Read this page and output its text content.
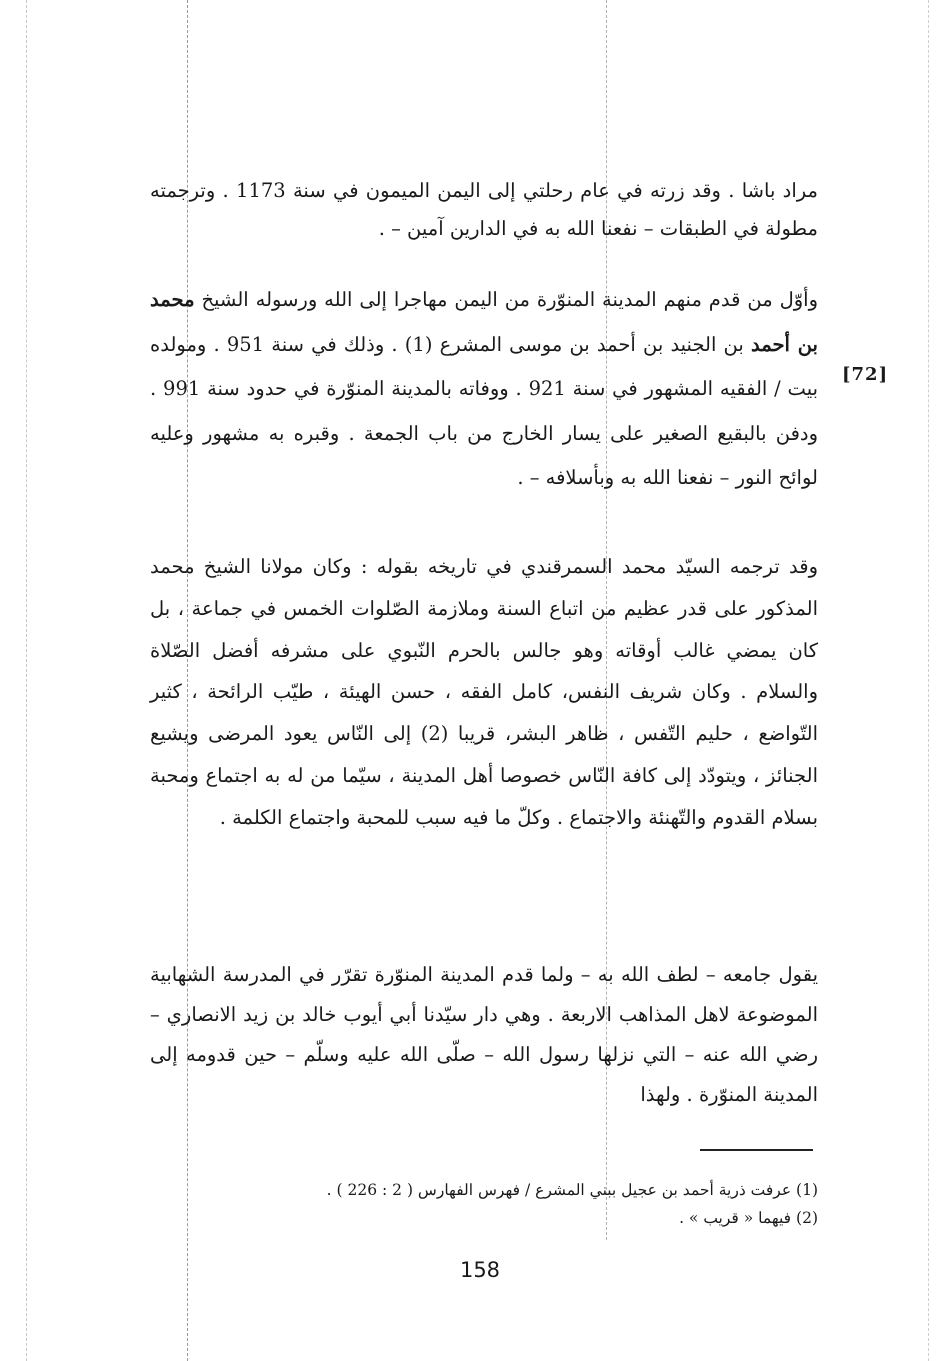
مراد باشا . وقد زرته في عام رحلتي إلى اليمن الميمون في سنة 1173 . وترجمته مطولة في الطبقات – نفعنا الله به في الدارين آمين – .

وأوّل من قدم منهم المدينة المنوّرة من اليمن مهاجرا إلى الله ورسوله الشيخ محمد بن أحمد بن الجنيد بن أحمد بن موسى المشرع (1) . وذلك في سنة 951 . ومولده بيت / الفقيه المشهور في سنة 921 . ووفاته بالمدينة المنوّرة في حدود سنة 991 . ودفن بالبقيع الصغير على يسار الخارج من باب الجمعة . وقبره به مشهور وعليه لوائح النور – نفعنا الله به وبأسلافه – .

[72]

وقد ترجمه السيّد محمد السمرقندي في تاريخه بقوله : وكان مولانا الشيخ محمد المذكور على قدر عظيم من اتباع السنة وملازمة الصّلوات الخمس في جماعة ، بل كان يمضي غالب أوقاته وهو جالس بالحرم النّبوي على مشرفه أفضل الصّلاة والسلام . وكان شريف النفس، كامل الفقه ، حسن الهيئة ، طيّب الرائحة ، كثير التّواضع ، حليم التّفس ، ظاهر البشر، قريبا (2) إلى النّاس يعود المرضى ويشيع الجنائز ، ويتودّد إلى كافة النّاس خصوصا أهل المدينة ، سيّما من له به اجتماع ومحبة بسلام القدوم والتّهنئة والاجتماع . وكلّ ما فيه سبب للمحبة واجتماع الكلمة .

يقول جامعه – لطف الله به – ولما قدم المدينة المنوّرة تقرّر في المدرسة الشهابية الموضوعة لاهل المذاهب الاربعة . وهي دار سيّدنا أبي أيوب خالد بن زيد الانصاري – رضي الله عنه – التي نزلها رسول الله – صلّى الله عليه وسلّم – حين قدومه إلى المدينة المنوّرة . ولهذا

(1) عرفت ذرية أحمد بن عجيل ببني المشرع / فهرس الفهارس ( 2 : 226 ) .
(2) فيهما « قريب » .
158
